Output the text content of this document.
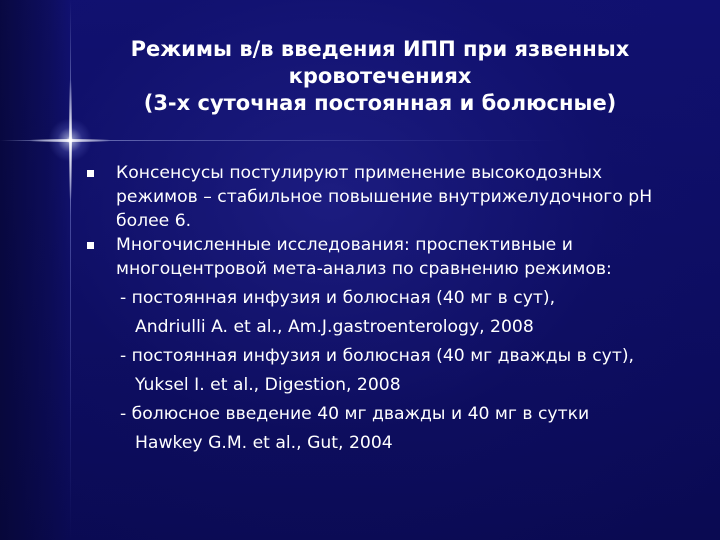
Режимы в/в введения ИПП при язвенных
кровотечениях
(3-х суточная постоянная и болюсные)
Консенсусы постулируют применение высокодозных
режимов – стабильное повышение внутрижелудочного pH
более 6.
Многочисленные исследования: проспективные и
многоцентровой мета-анализ по сравнению режимов:
- постоянная инфузия и болюсная (40 мг в сут),
Andriulli A. et al., Am.J.gastroenterology, 2008
- постоянная инфузия и болюсная (40 мг дважды в сут),
Yuksel I. et al., Digestion, 2008
- болюсное введение 40 мг дважды и 40 мг в сутки
Hawkey G.M. et al., Gut, 2004
